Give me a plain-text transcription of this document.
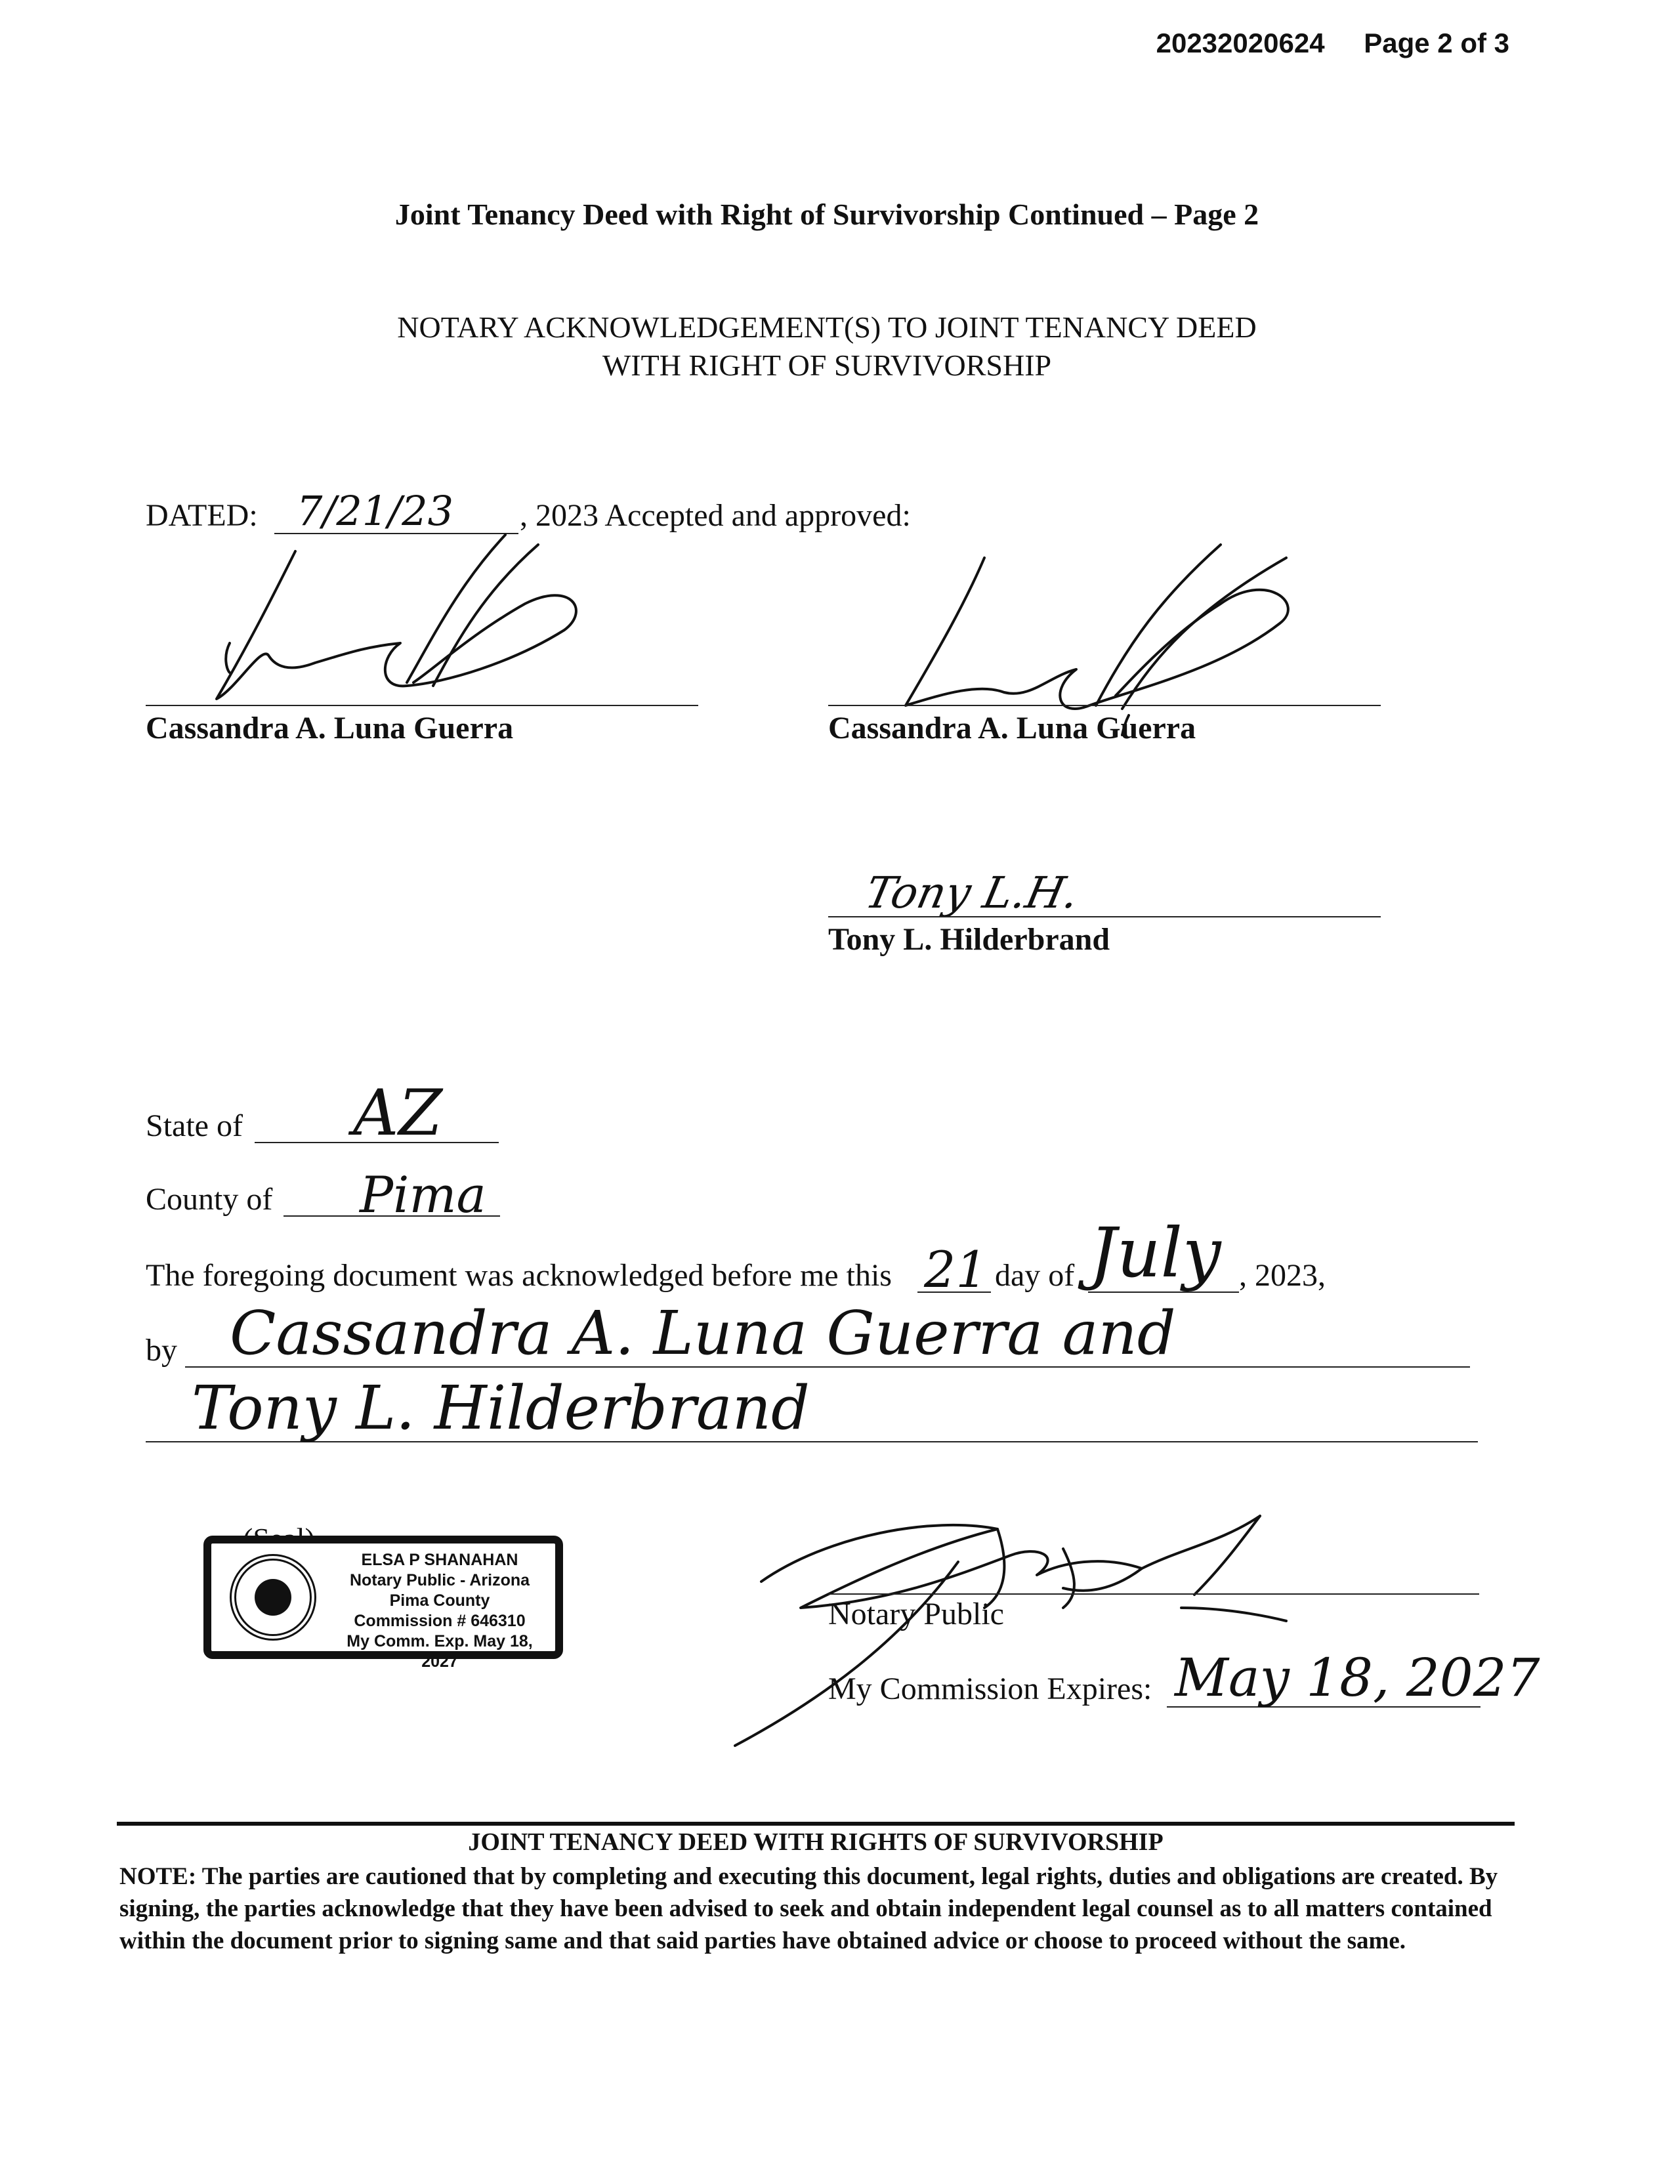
20232020624 Page 2 of 3
Joint Tenancy Deed with Right of Survivorship Continued – Page 2
NOTARY ACKNOWLEDGEMENT(S) TO JOINT TENANCY DEED
WITH RIGHT OF SURVIVORSHIP
DATED: 7/21/23 , 2023 Accepted and approved:
Cassandra A. Luna Guerra	Cassandra A. Luna Guerra
Tony L.H.
Tony L. Hilderbrand
State of AZ
County of Pima
The foregoing document was acknowledged before me this 21 day of July , 2023,
by Cassandra A. Luna Guerra and
Tony L. Hilderbrand
ELSA P SHANAHAN
Notary Public - Arizona
Pima County
Commission # 646310
My Comm. Exp. May 18, 2027
Notary Public
My Commission Expires: May 18, 2027
JOINT TENANCY DEED WITH RIGHTS OF SURVIVORSHIP
NOTE: The parties are cautioned that by completing and executing this document, legal rights, duties and obligations are created. By signing, the parties acknowledge that they have been advised to seek and obtain independent legal counsel as to all matters contained within the document prior to signing same and that said parties have obtained advice or choose to proceed without the same.
